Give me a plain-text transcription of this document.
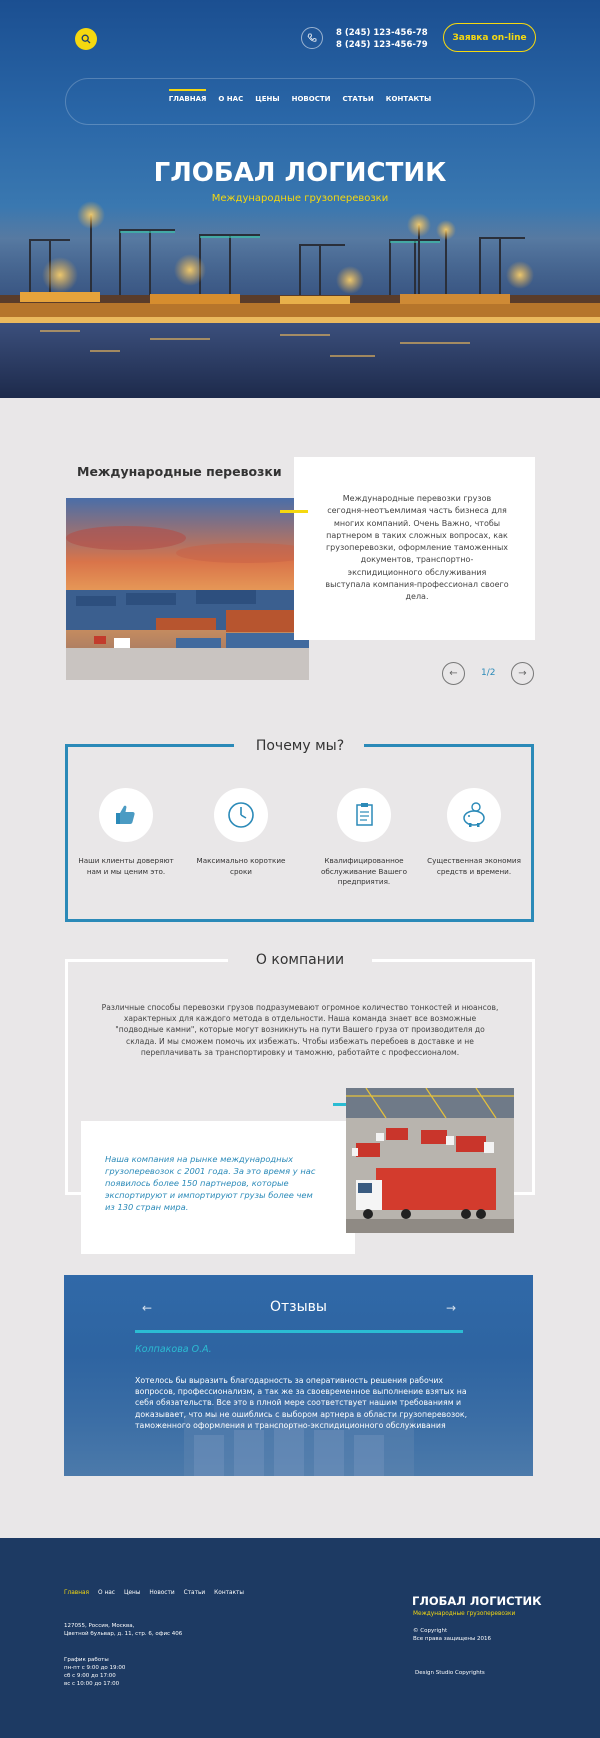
8 (245) 123-456-78
8 (245) 123-456-79
Заявка on-line
ГЛАВНАЯ О НАС ЦЕНЫ НОВОСТИ СТАТЬИ КОНТАКТЫ
ГЛОБАЛ ЛОГИСТИК
Международные грузоперевозки
Международные перевозки

Международные перевозки грузов сегодня-неотъемлимая часть бизнеса для многих компаний. Очень Важно, чтобы партнером в таких сложных вопросах, как грузоперевозки, оформление таможенных документов, транспортно-экспидиционного обслуживания выступала компания-профессионал своего дела.

←	1/2 →
Почему мы?
Наши клиенты доверяют нам и мы ценим это.
Максимально короткие сроки
Квалифицированное обслуживание Вашего предприятия.
Существенная экономия средств и времени.
О компании
Различные способы перевозки грузов подразумевают огромное количество тонкостей и нюансов, характерных для каждого метода в отдельности. Наша команда знает все возможные "подводные камни", которые могут возникнуть на пути Вашего груза от производителя до склада. И мы сможем помочь их избежать. Чтобы избежать перебоев в доставке и не переплачивать за транспортировку и таможню, работайте с профессионалом.

Наша компания на рынке международных грузоперевозок с 2001 года. За это время у нас появилось более 150 партнеров, которые экспортируют и импортируют грузы более чем из 130 стран мира.

←	Отзывы	→
Колпакова О.А.
Хотелось бы выразить благодарность за оперативность решения рабочих вопросов, профессионализм, а так же за своевременное выполнение взятых на себя обязательств. Все это в плной мере соответствует нашим требованиям и доказывает, что мы не ошиблись с выбором артнера в области грузоперевозок, таможенного оформления и транспортно-экспидиционного обслуживания
Главная О нас Цены Новости Статьи Контакты
127055, Россия, Москва,
Цветной бульвар, д. 11, стр. 6, офис 406
График работы
пн-пт с 9:00 до 19:00
сб с 9:00 до 17:00
вс с 10:00 до 17:00
ГЛОБАЛ ЛОГИСТИК
Международные грузоперевозки
© Copyright
Все права защищены 2016
Design Studio Copyrights
